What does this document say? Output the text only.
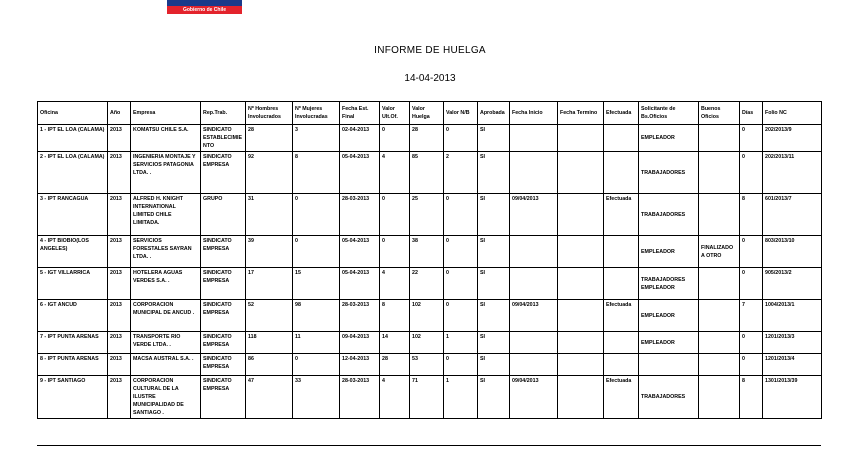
Gobierno de Chile
INFORME DE HUELGA
14-04-2013
Oficina	Año	Empresa	Rep.Trab.	Nº Hombres Involucrados	Nº Mujeres Involucradas	Fecha Est. Final	Valor Ult.Of.	Valor Huelga	Valor N/B	Aprobada	Fecha Inicio	Fecha Termino	Efectuada	Solicitante de Bs.Oficios	Buenos Oficios	Días	Folio NC
1 - IPT EL LOA (CALAMA)	2013	KOMATSU CHILE S.A.	SINDICATO ESTABLECIMIENTO	28	3	02-04-2013	0	28	0	SI				EMPLEADOR		0	202/2013/9
2 - IPT EL LOA (CALAMA)	2013	INGENIERIA MONTAJE Y SERVICIOS PATAGONIA LTDA. .	SINDICATO EMPRESA	92	8	05-04-2013	4	85	2	SI				TRABAJADORES		0	202/2013/11
3 - IPT RANCAGUA	2013	ALFRED H. KNIGHT INTERNATIONAL LIMITED CHILE LIMITADA.	GRUPO	31	0	28-03-2013	0	25	0	SI	09/04/2013		Efectuada	TRABAJADORES		8	601/2013/7
4 - IPT BIOBIO(LOS ANGELES)	2013	SERVICIOS FORESTALES SAYRAN LTDA. .	SINDICATO EMPRESA	39	0	05-04-2013	0	38	0	SI				EMPLEADOR	FINALIZADO A OTRO	0	803/2013/10
5 - IGT VILLARRICA	2013	HOTELERA AGUAS VERDES S.A. .	SINDICATO EMPRESA	17	15	05-04-2013	4	22	0	SI				TRABAJADORES EMPLEADOR		0	905/2013/2
6 - IGT ANCUD	2013	CORPORACION MUNICIPAL DE ANCUD .	SINDICATO EMPRESA	52	98	28-03-2013	8	102	0	SI	09/04/2013		Efectuada	EMPLEADOR		7	1004/2013/1
7 - IPT PUNTA ARENAS	2013	TRANSPORTE RIO VERDE LTDA. .	SINDICATO EMPRESA	118	11	09-04-2013	14	102	1	SI				EMPLEADOR		0	1201/2013/3
8 - IPT PUNTA ARENAS	2013	MACSA AUSTRAL S.A. .	SINDICATO EMPRESA	86	0	12-04-2013	28	53	0	SI						0	1201/2013/4
9 - IPT SANTIAGO	2013	CORPORACION CULTURAL DE LA ILUSTRE MUNICIPALIDAD DE SANTIAGO .	SINDICATO EMPRESA	47	33	28-03-2013	4	71	1	SI	09/04/2013		Efectuada	TRABAJADORES		8	1301/2013/39
